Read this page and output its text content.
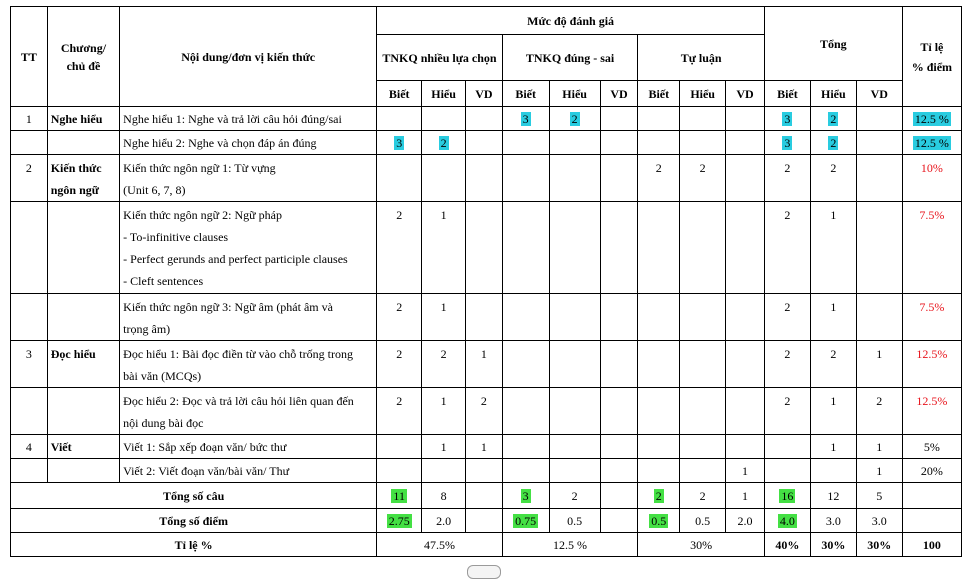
TT	Chương/
chủ đề	Nội dung/đơn vị kiến thức	Mức độ đánh giá									Tổng			Tỉ lệ
% điểm
			TNKQ nhiều lựa chọn			TNKQ đúng - sai			Tự luận						
			Biết	Hiểu	VD	Biết	Hiểu	VD	Biết	Hiểu	VD	Biết	Hiểu	VD	
1	Nghe hiểu	Nghe hiểu 1: Nghe và trả lời câu hỏi đúng/sai				3	2					3	2		12.5 %
		Nghe hiểu 2: Nghe và chọn đáp án đúng	3	2								3	2		12.5 %
2	Kiến thức
ngôn ngữ	Kiến thức ngôn ngữ 1: Từ vựng
(Unit 6, 7, 8)							2	2		2	2		10%
		Kiến thức ngôn ngữ 2: Ngữ pháp
- To-infinitive clauses
- Perfect gerunds and perfect participle clauses
- Cleft sentences	2	1								2	1		7.5%
		Kiến thức ngôn ngữ 3: Ngữ âm (phát âm và
trọng âm)	2	1								2	1		7.5%
3	Đọc hiểu	Đọc hiểu 1: Bài đọc điền từ vào chỗ trống trong
bài văn (MCQs)	2	2	1							2	2	1	12.5%
		Đọc hiểu 2: Đọc và trả lời câu hỏi liên quan đến
nội dung bài đọc	2	1	2							2	1	2	12.5%
4	Viết	Viết 1: Sắp xếp đoạn văn/ bức thư		1	1								1	1	5%
		Viết 2: Viết đoạn văn/bài văn/ Thư									1			1	20%
Tổng số câu			11	8		3	2		2	2	1	16	12	5	
Tổng số điểm			2.75	2.0		0.75	0.5		0.5	0.5	2.0	4.0	3.0	3.0	
Tỉ lệ %			47.5%			12.5 %			30%			40%	30%	30%	100
